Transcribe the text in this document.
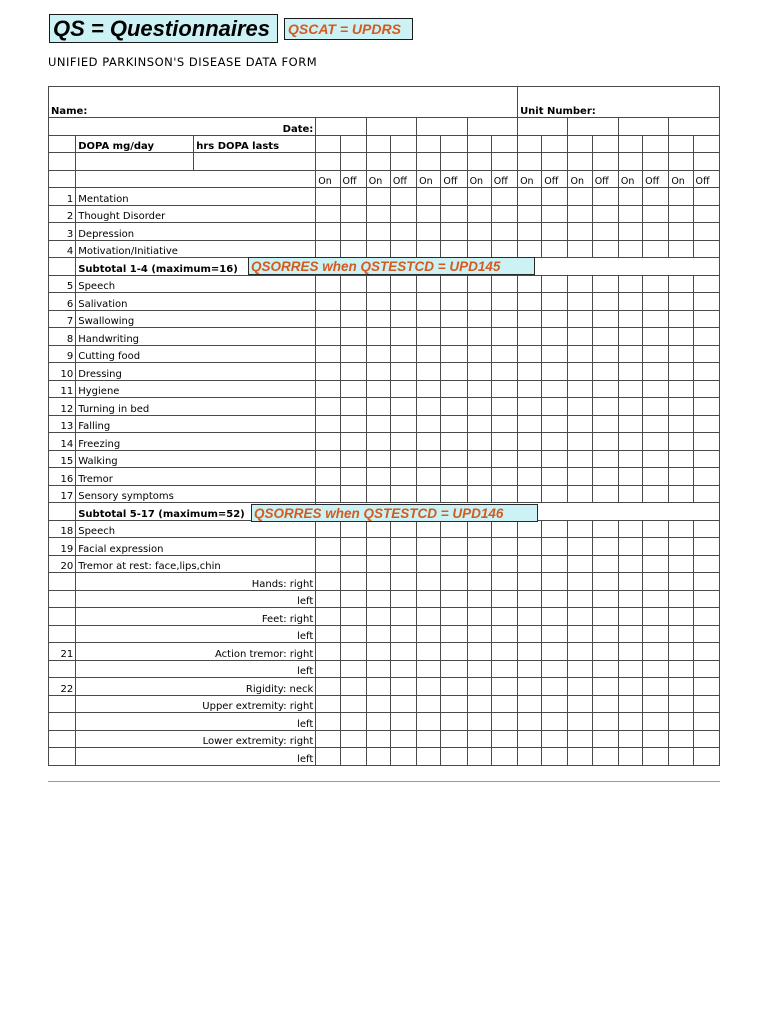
QS = Questionnaires	QSCAT = UPDRS
UNIFIED PARKINSON'S DISEASE DATA FORM
Name:											Unit Number:							
Date:																		
	DOPA mg/day	hrs DOPA lasts																

			On	Off	On	Off	On	Off	On	Off	On	Off	On	Off	On	Off	On	Off
1	Mentation																	
2	Thought Disorder																	
3	Depression																	
4	Motivation/Initiative																	
	Subtotal 1-4 (maximum=16)																	
5	Speech																	
6	Salivation																	
7	Swallowing																	
8	Handwriting																	
9	Cutting food																	
10	Dressing																	
11	Hygiene																	
12	Turning in bed																	
13	Falling																	
14	Freezing																	
15	Walking																	
16	Tremor																	
17	Sensory symptoms																	
	Subtotal 5-17 (maximum=52)																	
18	Speech																	
19	Facial expression																	
20	Tremor at rest: face,lips,chin																	
	Hands: right																	
	left																	
	Feet: right																	
	left																	
21	Action tremor: right																	
	left																	
22	Rigidity: neck																	
	Upper extremity: right																	
	left																	
	Lower extremity: right																	
	left																	
QSORRES when QSTESTCD = UPD145
QSORRES when QSTESTCD = UPD146
